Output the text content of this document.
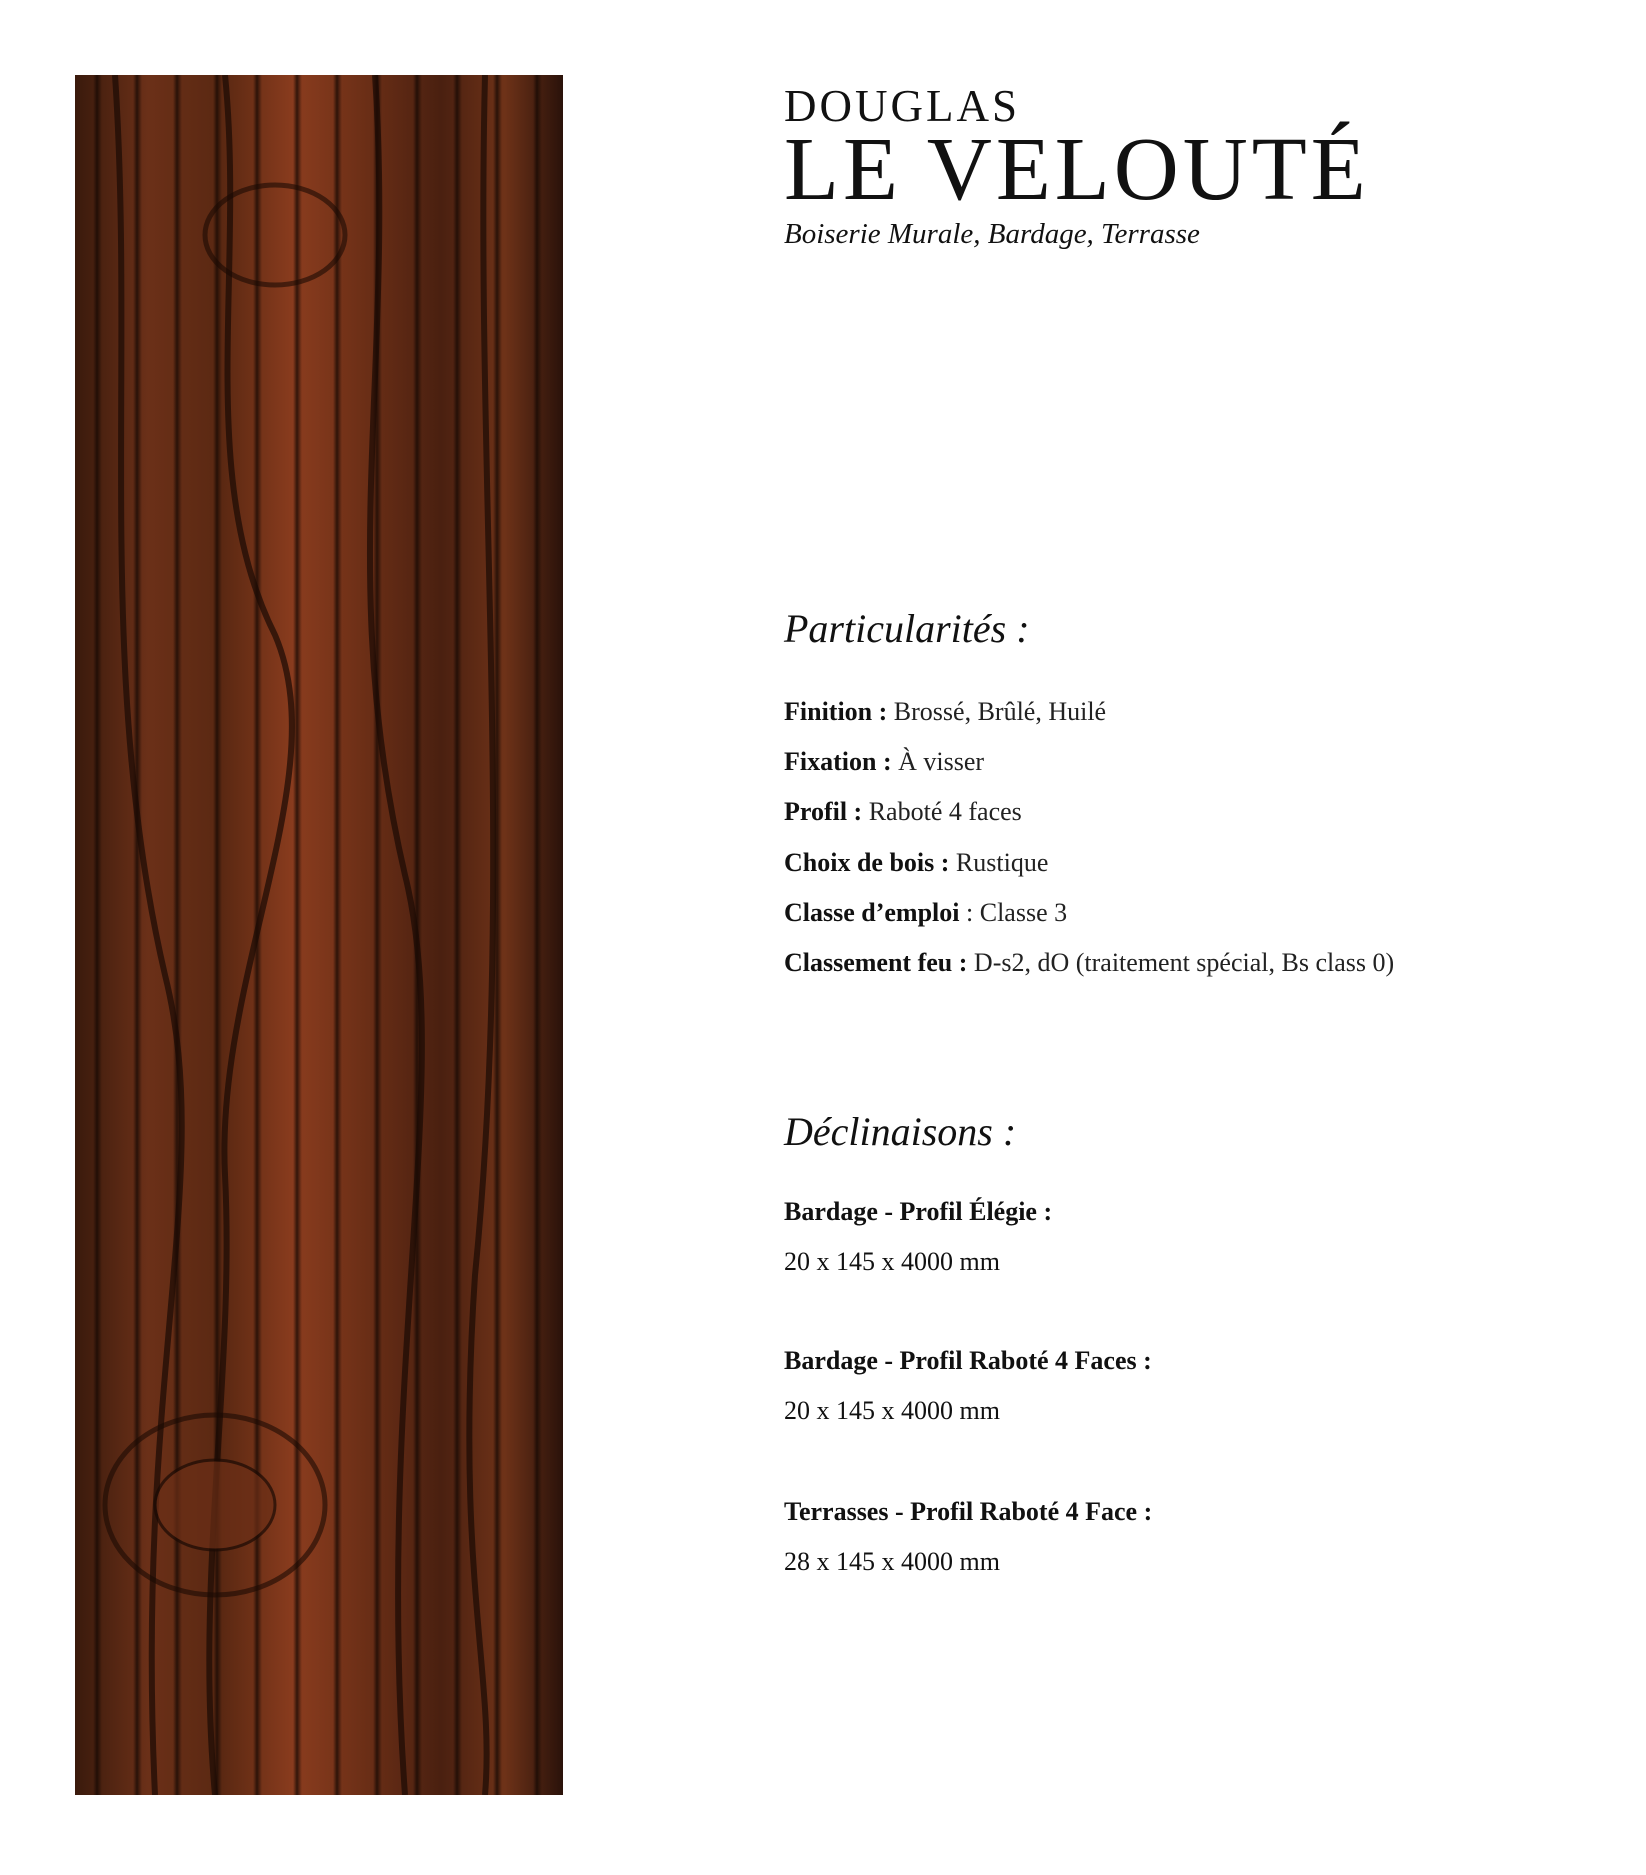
DOUGLAS
LE VELOUTÉ
Boiserie Murale, Bardage, Terrasse
Particularités :
Finition : Brossé, Brûlé, Huilé
Fixation : À visser
Profil : Raboté 4 faces
Choix de bois : Rustique
Classe d’emploi : Classe 3
Classement feu : D-s2, dO (traitement spécial, Bs class 0)
Déclinaisons :
Bardage - Profil Élégie :
20 x 145 x 4000 mm
Bardage - Profil Raboté 4 Faces :
20 x 145 x 4000 mm
Terrasses - Profil Raboté 4 Face :
28 x 145 x 4000 mm
